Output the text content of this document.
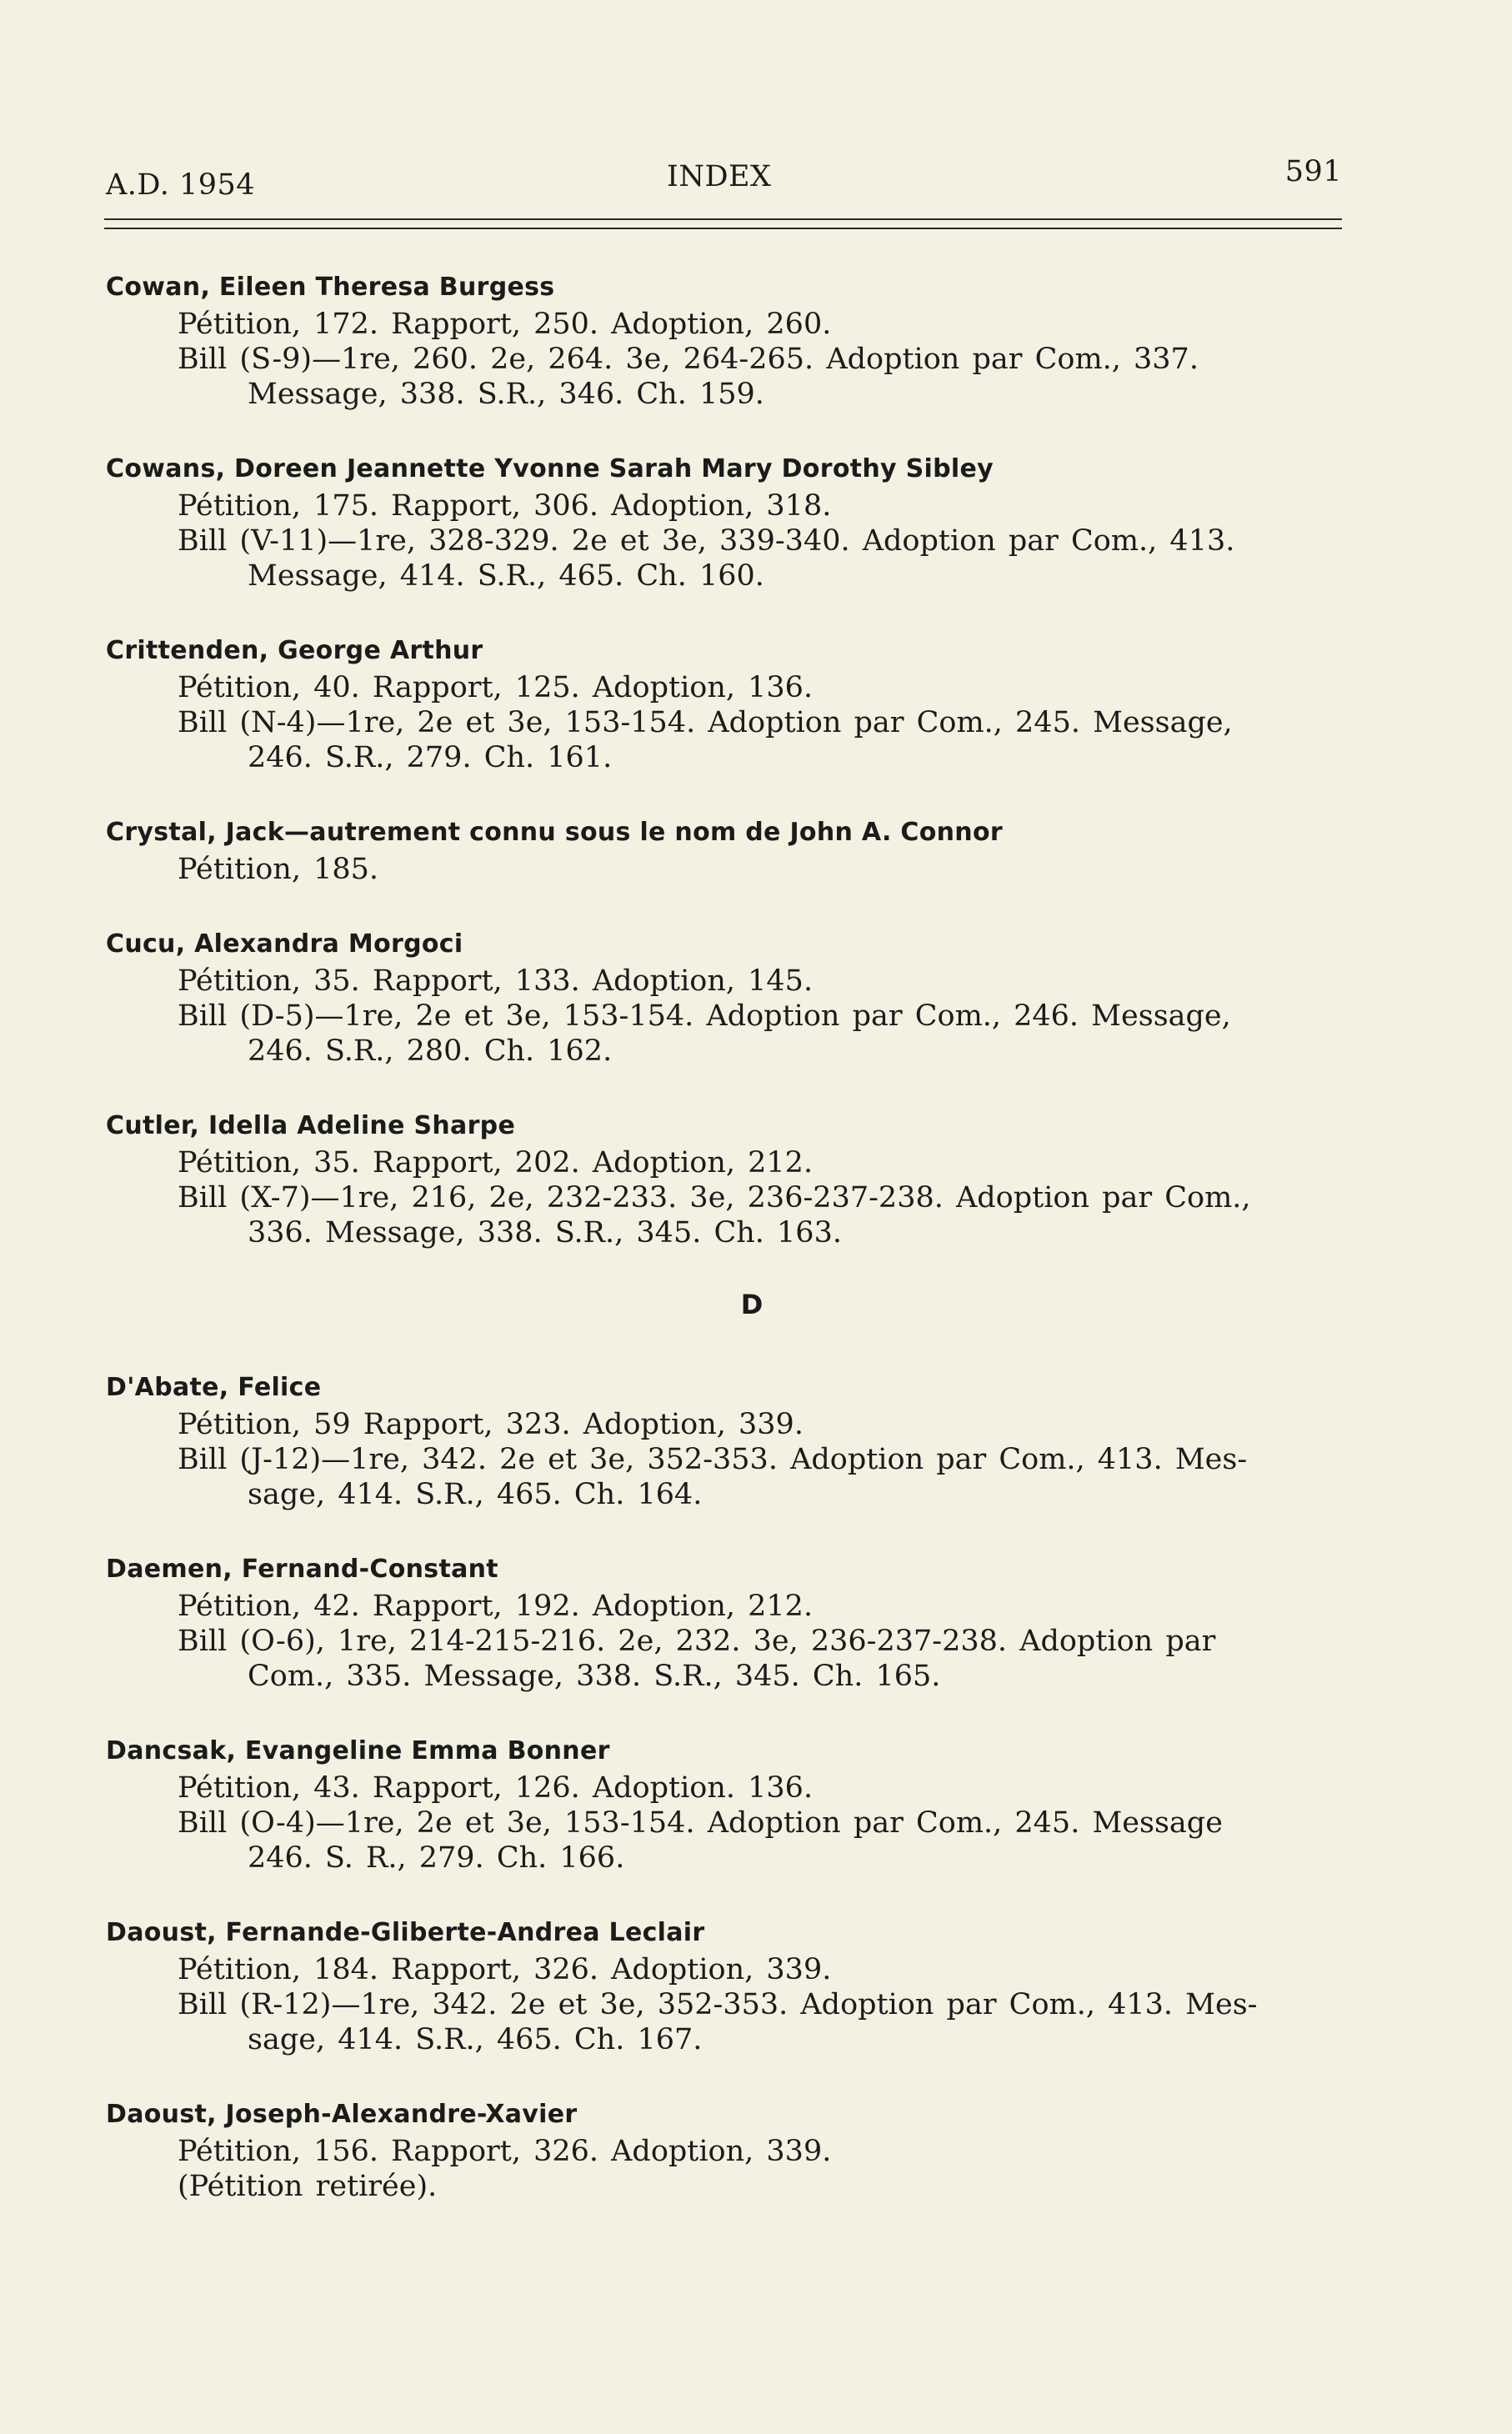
A.D. 1954	INDEX	591
Cowan, Eileen Theresa Burgess
Pétition, 172. Rapport, 250. Adoption, 260.
Bill (S-9)—1re, 260. 2e, 264. 3e, 264-265. Adoption par Com., 337.
Message, 338. S.R., 346. Ch. 159.
Cowans, Doreen Jeannette Yvonne Sarah Mary Dorothy Sibley
Pétition, 175. Rapport, 306. Adoption, 318.
Bill (V-11)—1re, 328-329. 2e et 3e, 339-340. Adoption par Com., 413.
Message, 414. S.R., 465. Ch. 160.
Crittenden, George Arthur
Pétition, 40. Rapport, 125. Adoption, 136.
Bill (N-4)—1re, 2e et 3e, 153-154. Adoption par Com., 245. Message,
246. S.R., 279. Ch. 161.
Crystal, Jack—autrement connu sous le nom de John A. Connor
Pétition, 185.
Cucu, Alexandra Morgoci
Pétition, 35. Rapport, 133. Adoption, 145.
Bill (D-5)—1re, 2e et 3e, 153-154. Adoption par Com., 246. Message,
246. S.R., 280. Ch. 162.
Cutler, Idella Adeline Sharpe
Pétition, 35. Rapport, 202. Adoption, 212.
Bill (X-7)—1re, 216, 2e, 232-233. 3e, 236-237-238. Adoption par Com.,
336. Message, 338. S.R., 345. Ch. 163.
D
D'Abate, Felice
Pétition, 59 Rapport, 323. Adoption, 339.
Bill (J-12)—1re, 342. 2e et 3e, 352-353. Adoption par Com., 413. Mes-
sage, 414. S.R., 465. Ch. 164.
Daemen, Fernand-Constant
Pétition, 42. Rapport, 192. Adoption, 212.
Bill (O-6), 1re, 214-215-216. 2e, 232. 3e, 236-237-238. Adoption par
Com., 335. Message, 338. S.R., 345. Ch. 165.
Dancsak, Evangeline Emma Bonner
Pétition, 43. Rapport, 126. Adoption. 136.
Bill (O-4)—1re, 2e et 3e, 153-154. Adoption par Com., 245. Message
246. S. R., 279. Ch. 166.
Daoust, Fernande-Gliberte-Andrea Leclair
Pétition, 184. Rapport, 326. Adoption, 339.
Bill (R-12)—1re, 342. 2e et 3e, 352-353. Adoption par Com., 413. Mes-
sage, 414. S.R., 465. Ch. 167.
Daoust, Joseph-Alexandre-Xavier
Pétition, 156. Rapport, 326. Adoption, 339.
(Pétition retirée).
